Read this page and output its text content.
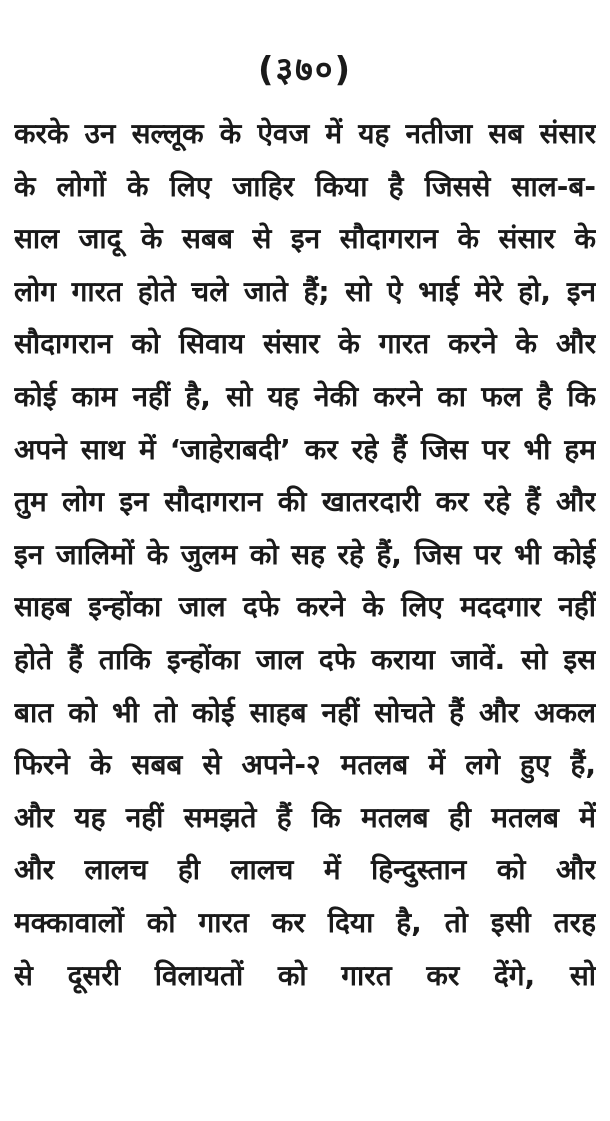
(३७०)
करके उन सल्लूक के ऐवज में यह नतीजा सब संसार
के लोगों के लिए जाहिर किया है जिससे साल-ब-
साल जादू के सबब से इन सौदागरान के संसार के
लोग गारत होते चले जाते हैं; सो ऐ भाई मेरे हो, इन
सौदागरान को सिवाय संसार के गारत करने के और
कोई काम नहीं है, सो यह नेकी करने का फल है कि
अपने साथ में ‘जाहेराबदी’ कर रहे हैं जिस पर भी हम
तुम लोग इन सौदागरान की खातरदारी कर रहे हैं और
इन जालिमों के जुलम को सह रहे हैं, जिस पर भी कोई
साहब इन्होंका जाल दफे करने के लिए मददगार नहीं
होते हैं ताकि इन्होंका जाल दफे कराया जावें. सो इस
बात को भी तो कोई साहब नहीं सोचते हैं और अकल
फिरने के सबब से अपने-२ मतलब में लगे हुए हैं,
और यह नहीं समझते हैं कि मतलब ही मतलब में
और लालच ही लालच में हिन्दुस्तान को और
मक्कावालों को गारत कर दिया है, तो इसी तरह
से दूसरी विलायतों को गारत कर देंगे, सो
